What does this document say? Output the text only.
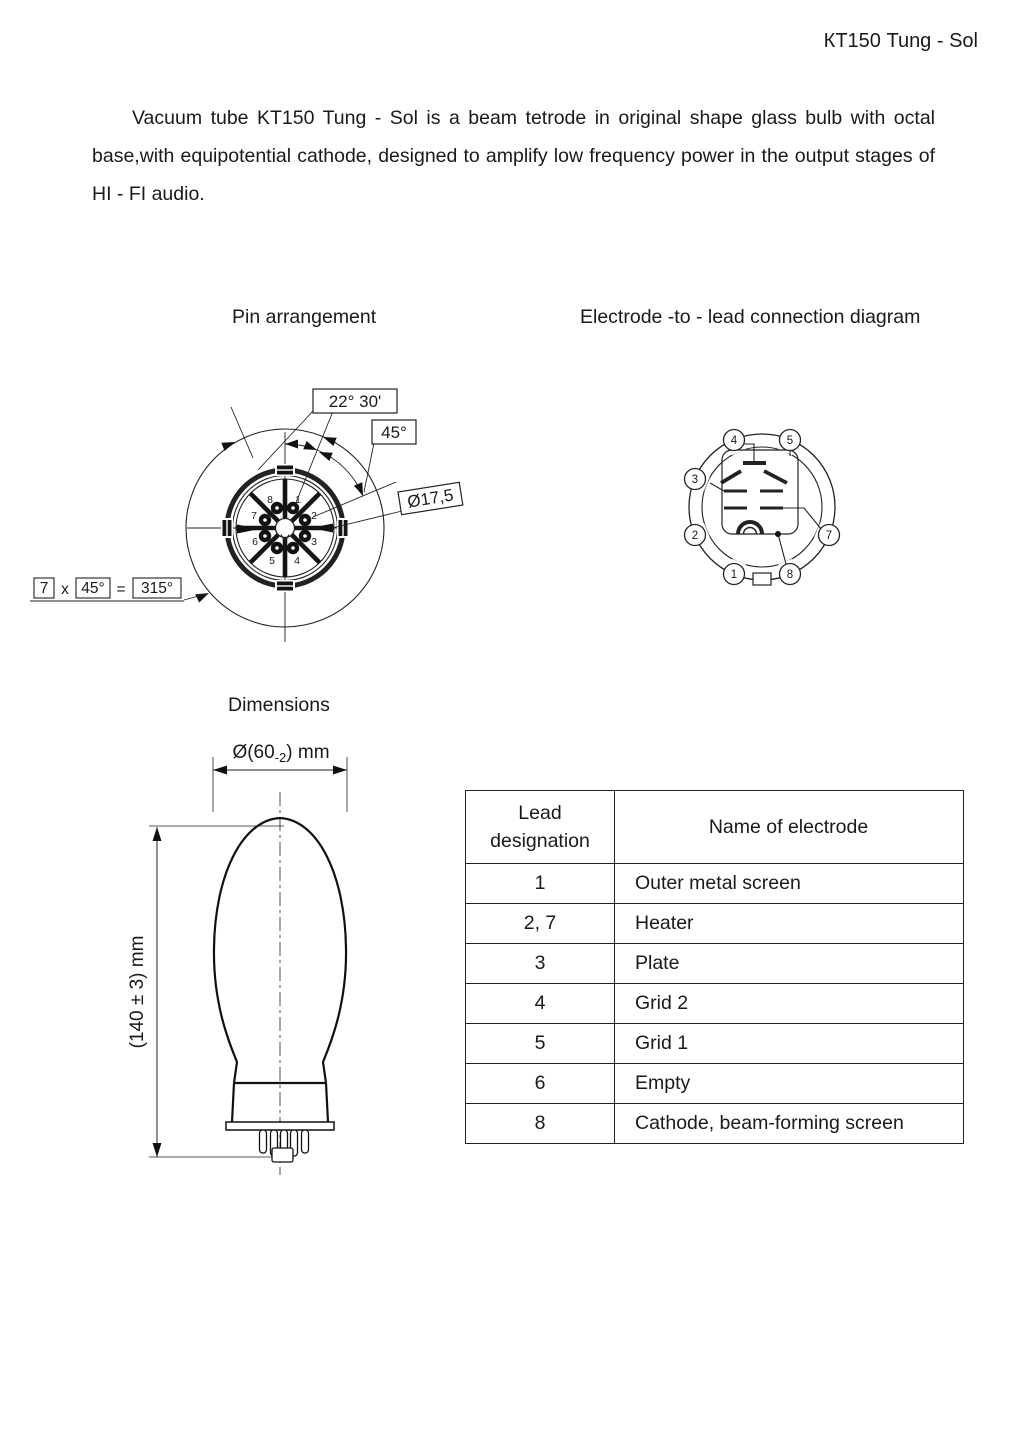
КТ150 Tung - Sol
Vacuum tube KT150 Tung - Sol is a beam tetrode in original shape glass bulb with octal base,with equipotential cathode, designed to amplify low frequency power in the output stages of HI - FI audio.
Pin arrangement	Electrode -to - lead connection diagram
Dimensions
1
2
3
4
5
6
7
8
22° 30'
45°
Ø17,5
7 x 45° = 315°
4	5
3
2	7
1	8
$Ø(60_{-2})$ mm
(140 ± 3) mm
Lead designation	Name of electrode
1	Outer metal screen
2, 7	Heater
3	Plate
4	Grid 2
5	Grid 1
6	Empty
8	Cathode, beam-forming screen
